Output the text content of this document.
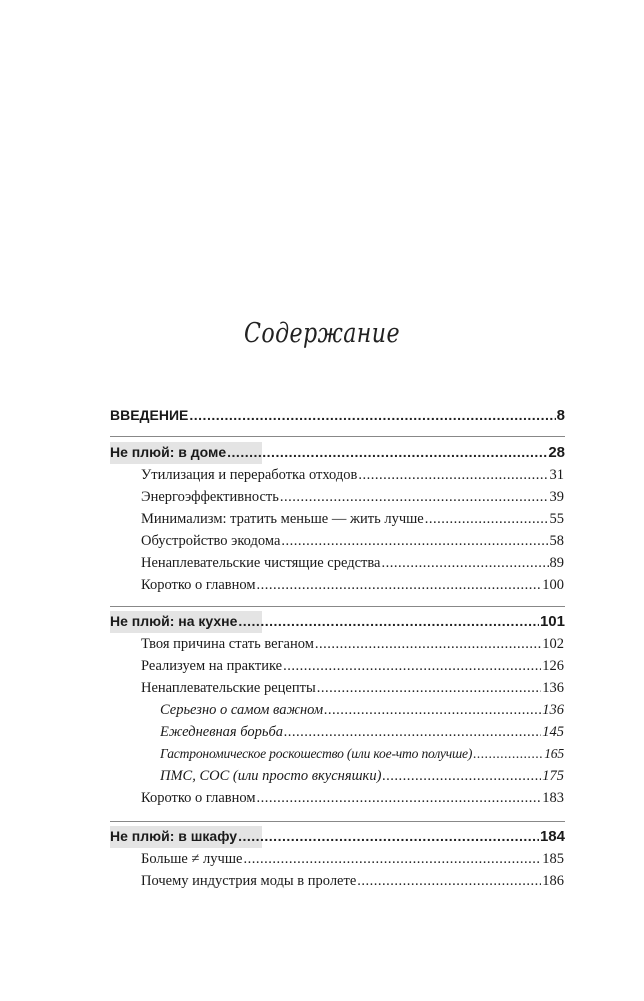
Содержание
ВВЕДЕНИЕ .....	8
Не плюй: в доме .....	28
Утилизация и переработка отходов .....	31
Энергоэффективность .....	39
Минимализм: тратить меньше — жить лучше .....	55
Обустройство экодома .....	58
Ненаплевательские чистящие средства .....	89
Коротко о главном .....	100
Не плюй: на кухне .....	101
Твоя причина стать веганом .....	102
Реализуем на практике .....	126
Ненаплевательские рецепты .....	136
Серьезно о самом важном .....	136
Ежедневная борьба .....	145
Гастрономическое роскошество (или кое-что получше) .....	165
ПМС, СОС (или просто вкусняшки) .....	175
Коротко о главном .....	183
Не плюй: в шкафу .....	184
Больше ≠ лучше .....	185
Почему индустрия моды в пролете .....	186
